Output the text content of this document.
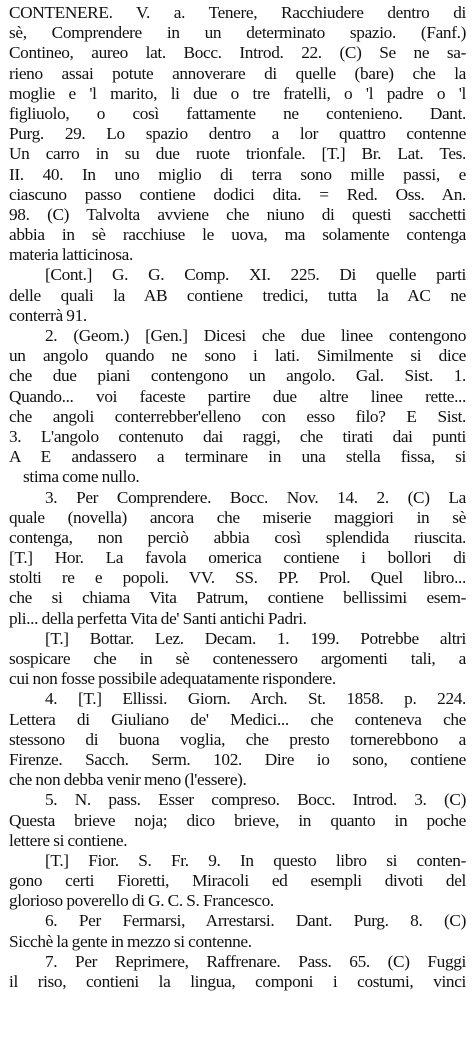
CONTENERE. V. a. Tenere, Racchiudere dentro di
sè, Comprendere in un determinato spazio. (Fanf.)
Contineo, aureo lat. Bocc. Introd. 22. (C) Se ne sa-
rieno assai potute annoverare di quelle (bare) che la
moglie e 'l marito, li due o tre fratelli, o 'l padre o 'l
figliuolo, o così fattamente ne contenieno. Dant.
Purg. 29. Lo spazio dentro a lor quattro contenne
Un carro in su due ruote trionfale. [T.] Br. Lat. Tes.
II. 40. In uno miglio di terra sono mille passi, e
ciascuno passo contiene dodici dita. = Red. Oss. An.
98. (C) Talvolta avviene che niuno di questi sacchetti
abbia in sè racchiuse le uova, ma solamente contenga
materia latticinosa.
[Cont.] G. G. Comp. XI. 225. Di quelle parti
delle quali la AB contiene tredici, tutta la AC ne
conterrà 91.
2. (Geom.) [Gen.] Dicesi che due linee contengono
un angolo quando ne sono i lati. Similmente si dice
che due piani contengono un angolo. Gal. Sist. 1.
Quando... voi faceste partire due altre linee rette...
che angoli conterrebber'elleno con esso filo? E Sist.
3. L'angolo contenuto dai raggi, che tirati dai punti
A E andassero a terminare in una stella fissa, si
stima come nullo.
3. Per Comprendere. Bocc. Nov. 14. 2. (C) La
quale (novella) ancora che miserie maggiori in sè
contenga, non perciò abbia così splendida riuscita.
[T.] Hor. La favola omerica contiene i bollori di
stolti re e popoli. VV. SS. PP. Prol. Quel libro...
che si chiama Vita Patrum, contiene bellissimi esem-
pli... della perfetta Vita de' Santi antichi Padri.
[T.] Bottar. Lez. Decam. 1. 199. Potrebbe altri
sospicare che in sè contenessero argomenti tali, a
cui non fosse possibile adequatamente rispondere.
4. [T.] Ellissi. Giorn. Arch. St. 1858. p. 224.
Lettera di Giuliano de' Medici... che conteneva che
stessono di buona voglia, che presto tornerebbono a
Firenze. Sacch. Serm. 102. Dire io sono, contiene
che non debba venir meno (l'essere).
5. N. pass. Esser compreso. Bocc. Introd. 3. (C)
Questa brieve noja; dico brieve, in quanto in poche
lettere si contiene.
[T.] Fior. S. Fr. 9. In questo libro si conten-
gono certi Fioretti, Miracoli ed esempli divoti del
glorioso poverello di G. C. S. Francesco.
6. Per Fermarsi, Arrestarsi. Dant. Purg. 8. (C)
Sicchè la gente in mezzo si contenne.
7. Per Reprimere, Raffrenare. Pass. 65. (C) Fuggi
il riso, contieni la lingua, componi i costumi, vinci
